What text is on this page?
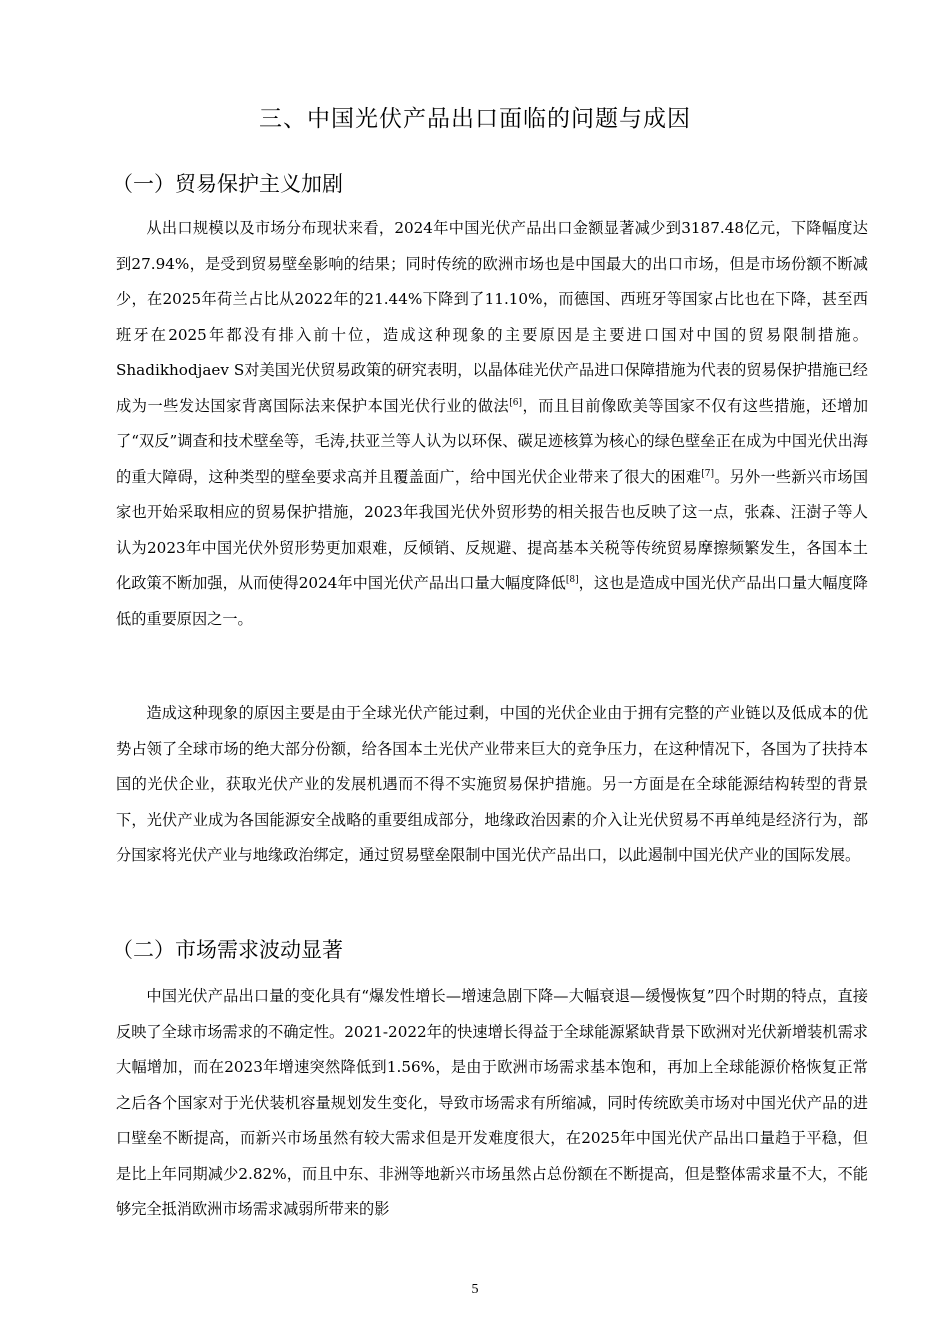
三、中国光伏产品出口面临的问题与成因
（一）贸易保护主义加剧

从出口规模以及市场分布现状来看，2024年中国光伏产品出口金额显著减少到3187.48亿元，下降幅度达到27.94%，是受到贸易壁垒影响的结果；同时传统的欧洲市场也是中国最大的出口市场，但是市场份额不断减少，在2025年荷兰占比从2022年的21.44%下降到了11.10%，而德国、西班牙等国家占比也在下降，甚至西班牙在2025年都没有排入前十位，造成这种现象的主要原因是主要进口国对中国的贸易限制措施。Shadikhodjaev S对美国光伏贸易政策的研究表明，以晶体硅光伏产品进口保障措施为代表的贸易保护措施已经成为一些发达国家背离国际法来保护本国光伏行业的做法[6]，而且目前像欧美等国家不仅有这些措施，还增加了“双反”调查和技术壁垒等，毛涛,扶亚兰等人认为以环保、碳足迹核算为核心的绿色壁垒正在成为中国光伏出海的重大障碍，这种类型的壁垒要求高并且覆盖面广，给中国光伏企业带来了很大的困难[7]。另外一些新兴市场国家也开始采取相应的贸易保护措施，2023年我国光伏外贸形势的相关报告也反映了这一点，张森、汪澍子等人认为2023年中国光伏外贸形势更加艰难，反倾销、反规避、提高基本关税等传统贸易摩擦频繁发生，各国本土化政策不断加强，从而使得2024年中国光伏产品出口量大幅度降低[8]，这也是造成中国光伏产品出口量大幅度降低的重要原因之一。

造成这种现象的原因主要是由于全球光伏产能过剩，中国的光伏企业由于拥有完整的产业链以及低成本的优势占领了全球市场的绝大部分份额，给各国本土光伏产业带来巨大的竞争压力，在这种情况下，各国为了扶持本国的光伏企业，获取光伏产业的发展机遇而不得不实施贸易保护措施。另一方面是在全球能源结构转型的背景下，光伏产业成为各国能源安全战略的重要组成部分，地缘政治因素的介入让光伏贸易不再单纯是经济行为，部分国家将光伏产业与地缘政治绑定，通过贸易壁垒限制中国光伏产品出口，以此遏制中国光伏产业的国际发展。

（二）市场需求波动显著

中国光伏产品出口量的变化具有“爆发性增长—增速急剧下降—大幅衰退—缓慢恢复”四个时期的特点，直接反映了全球市场需求的不确定性。2021-2022年的快速增长得益于全球能源紧缺背景下欧洲对光伏新增装机需求大幅增加，而在2023年增速突然降低到1.56%，是由于欧洲市场需求基本饱和，再加上全球能源价格恢复正常之后各个国家对于光伏装机容量规划发生变化，导致市场需求有所缩减，同时传统欧美市场对中国光伏产品的进口壁垒不断提高，而新兴市场虽然有较大需求但是开发难度很大，在2025年中国光伏产品出口量趋于平稳，但是比上年同期减少2.82%，而且中东、非洲等地新兴市场虽然占总份额在不断提高，但是整体需求量不大，不能够完全抵消欧洲市场需求减弱所带来的影

5
